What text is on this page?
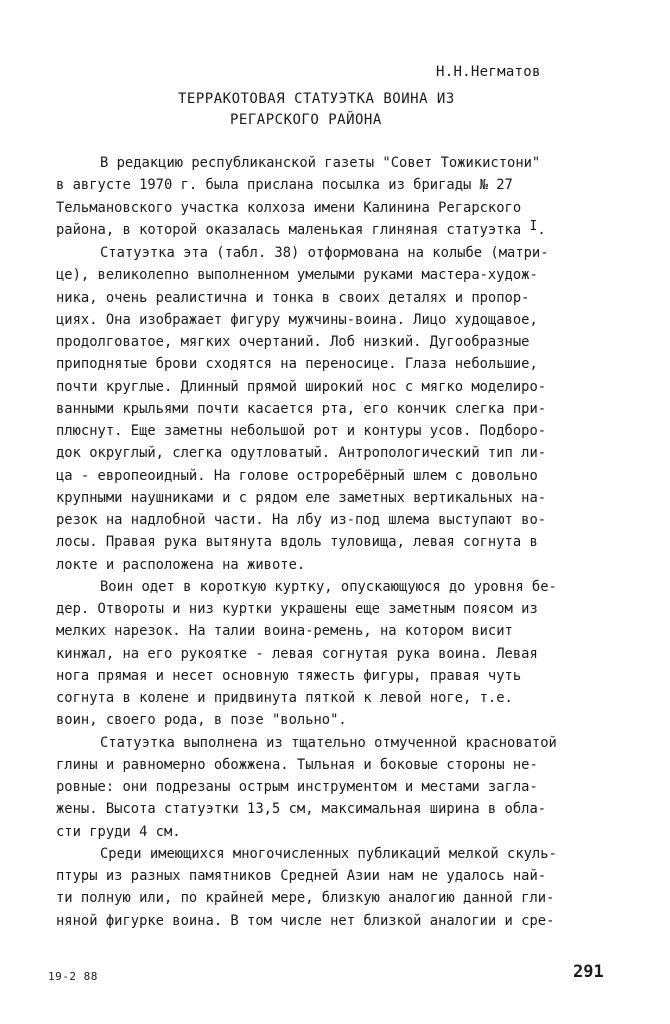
Н.Н.Негматов
ТЕРРАКОТОВАЯ СТАТУЭТКА ВОИНА ИЗ
РЕГАРСКОГО РАЙОНА

В редакцию республиканской газеты "Совет Тожикистони"
в августе 1970 г. была прислана посылка из бригады № 27
Тельмановского участка колхоза имени Калинина Регарского
района, в которой оказалась маленькая глиняная статуэтка I.

Статуэтка эта (табл. 38) отформована на колыбе (матри-
це), великолепно выполненном умелыми руками мастера-худож-
ника, очень реалистична и тонка в своих деталях и пропор-
циях. Она изображает фигуру мужчины-воина. Лицо худощавое,
продолговатое, мягких очертаний. Лоб низкий. Дугообразные
приподнятые брови сходятся на переносице. Глаза небольшие,
почти круглые. Длинный прямой широкий нос с мягко моделиро-
ванными крыльями почти касается рта, его кончик слегка при-
плюснут. Еще заметны небольшой рот и контуры усов. Подборо-
док округлый, слегка одутловатый. Антропологический тип ли-
ца - европеоидный. На голове остроребёрный шлем с довольно
крупными наушниками и с рядом еле заметных вертикальных на-
резок на надлобной части. На лбу из-под шлема выступают во-
лосы. Правая рука вытянута вдоль туловища, левая согнута в
локте и расположена на животе.

Воин одет в короткую куртку, опускающуюся до уровня бе-
дер. Отвороты и низ куртки украшены еще заметным поясом из
мелких нарезок. На талии воина-ремень, на котором висит
кинжал, на его рукоятке - левая согнутая рука воина. Левая
нога прямая и несет основную тяжесть фигуры, правая чуть
согнута в колене и придвинута пяткой к левой ноге, т.е.
воин, своего рода, в позе "вольно".

Статуэтка выполнена из тщательно отмученной красноватой
глины и равномерно обожжена. Тыльная и боковые стороны не-
ровные: они подрезаны острым инструментом и местами загла-
жены. Высота статуэтки 13,5 см, максимальная ширина в обла-
сти груди 4 см.

Среди имеющихся многочисленных публикаций мелкой скуль-
птуры из разных памятников Средней Азии нам не удалось най-
ти полную или, по крайней мере, близкую аналогию данной гли-
няной фигурке воина. В том числе нет близкой аналогии и сре-

19-2 88	291
